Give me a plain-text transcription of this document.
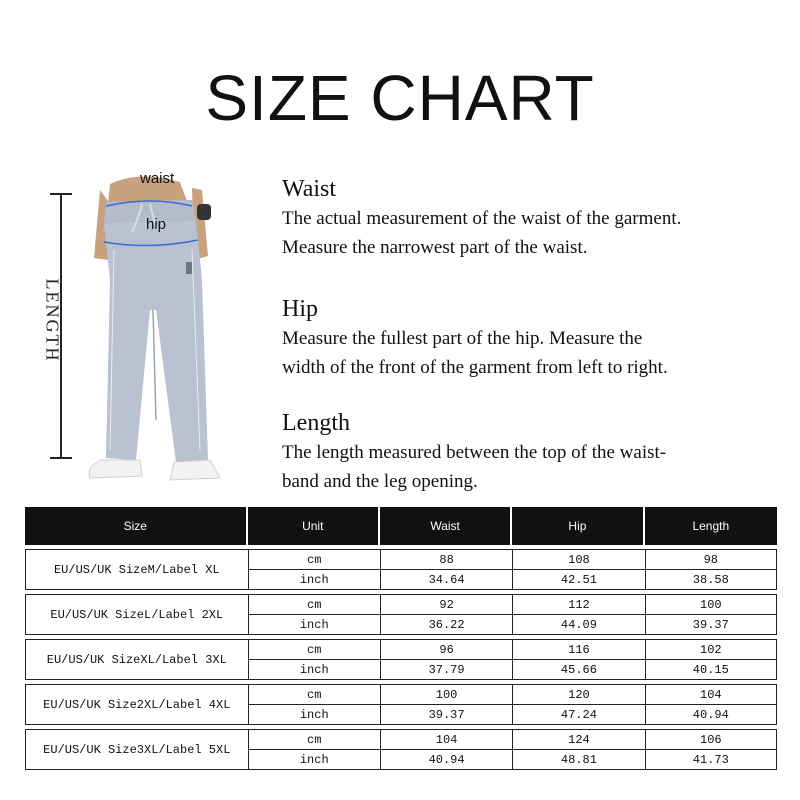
SIZE CHART
LENGTH
waist
hip
Waist

The actual measurement of the waist of the garment.

Measure the narrowest part of the waist.

Hip

Measure the fullest part of the hip. Measure the

width of the front of the garment from left to right.

Length

The length measured between the top of the waist-

band and the leg opening.

Size	Unit	Waist	Hip	Length

EU/US/UK SizeM/Label XL	cm	88	108	98
	inch	34.64	42.51	38.58

EU/US/UK SizeL/Label 2XL	cm	92	112	100
	inch	36.22	44.09	39.37

EU/US/UK SizeXL/Label 3XL	cm	96	116	102
	inch	37.79	45.66	40.15

EU/US/UK Size2XL/Label 4XL	cm	100	120	104
	inch	39.37	47.24	40.94

EU/US/UK Size3XL/Label 5XL	cm	104	124	106
	inch	40.94	48.81	41.73
